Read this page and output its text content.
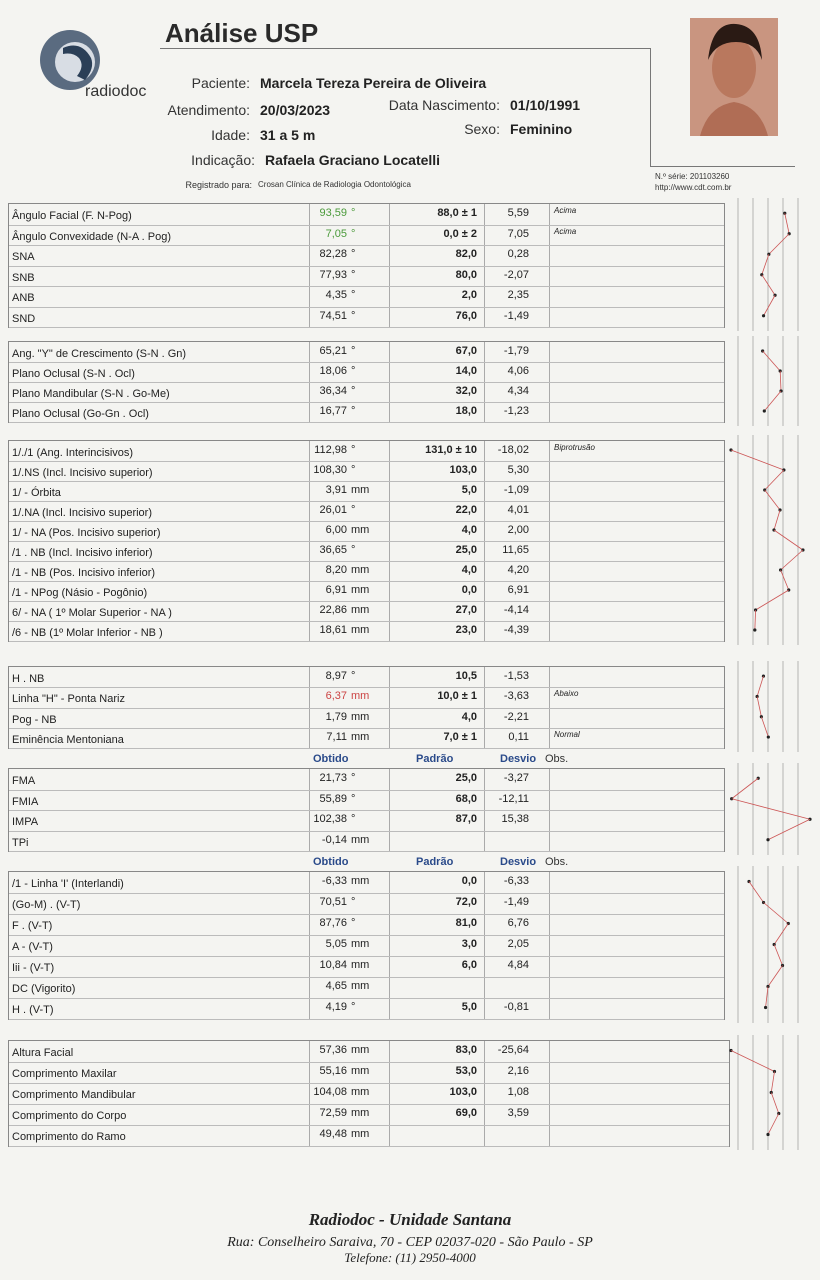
radiodoc
Análise USP
Paciente: Marcela Tereza Pereira de Oliveira
Atendimento: 20/03/2023	Data Nascimento: 01/10/1991
Idade: 31 a 5 m	Sexo: Feminino
Indicação: Rafaela Graciano Locatelli
Registrado para: Crosan Clínica de Radiologia Odontológica
N.º série: 201103260
http://www.cdt.com.br
Ângulo Facial (F. N-Pog)	93,59 °	88,0 ± 1	5,59	Acima
Ângulo Convexidade (N-A . Pog)	7,05 °	0,0 ± 2	7,05	Acima
SNA	82,28 °	82,0	0,28
SNB	77,93 °	80,0	-2,07
ANB	4,35 °	2,0	2,35
SND	74,51 °	76,0	-1,49
Ang. "Y" de Crescimento (S-N . Gn)	65,21 °	67,0	-1,79
Plano Oclusal (S-N . Ocl)	18,06 °	14,0	4,06
Plano Mandibular (S-N . Go-Me)	36,34 °	32,0	4,34
Plano Oclusal (Go-Gn . Ocl)	16,77 °	18,0	-1,23
1/./1 (Ang. Interincisivos)	112,98 °	131,0 ± 10	-18,02	Biprotrusão
1/.NS (Incl. Incisivo superior)	108,30 °	103,0	5,30
1/ - Órbita	3,91 mm	5,0	-1,09
1/.NA (Incl. Incisivo superior)	26,01 °	22,0	4,01
1/ - NA (Pos. Incisivo superior)	6,00 mm	4,0	2,00
/1 . NB (Incl. Incisivo inferior)	36,65 °	25,0	11,65
/1 - NB (Pos. Incisivo inferior)	8,20 mm	4,0	4,20
/1 - NPog (Násio - Pogônio)	6,91 mm	0,0	6,91
6/ - NA ( 1º Molar Superior - NA )	22,86 mm	27,0	-4,14
/6 - NB (1º Molar Inferior - NB )	18,61 mm	23,0	-4,39
H . NB	8,97 °	10,5	-1,53
Linha "H" - Ponta Nariz	6,37 mm	10,0 ± 1	-3,63	Abaixo
Pog - NB	1,79 mm	4,0	-2,21
Eminência Mentoniana	7,11 mm	7,0 ± 1	0,11	Normal
Obtido	Padrão	Desvio Obs.
FMA	21,73 °	25,0	-3,27
FMIA	55,89 °	68,0	-12,11
IMPA	102,38 °	87,0	15,38
TPi	-0,14 mm
Obtido	Padrão	Desvio Obs.
/1 - Linha 'I' (Interlandi)	-6,33 mm	0,0	-6,33
(Go-M) . (V-T)	70,51 °	72,0	-1,49
F . (V-T)	87,76 °	81,0	6,76
A - (V-T)	5,05 mm	3,0	2,05
Iii - (V-T)	10,84 mm	6,0	4,84
DC (Vigorito)	4,65 mm
H . (V-T)	4,19 °	5,0	-0,81
Altura Facial	57,36 mm	83,0	-25,64
Comprimento Maxilar	55,16 mm	53,0	2,16
Comprimento Mandibular	104,08 mm	103,0	1,08
Comprimento do Corpo	72,59 mm	69,0	3,59
Comprimento do Ramo	49,48 mm
Radiodoc - Unidade Santana
Rua: Conselheiro Saraiva, 70 - CEP 02037-020 - São Paulo - SP
Telefone: (11) 2950-4000
